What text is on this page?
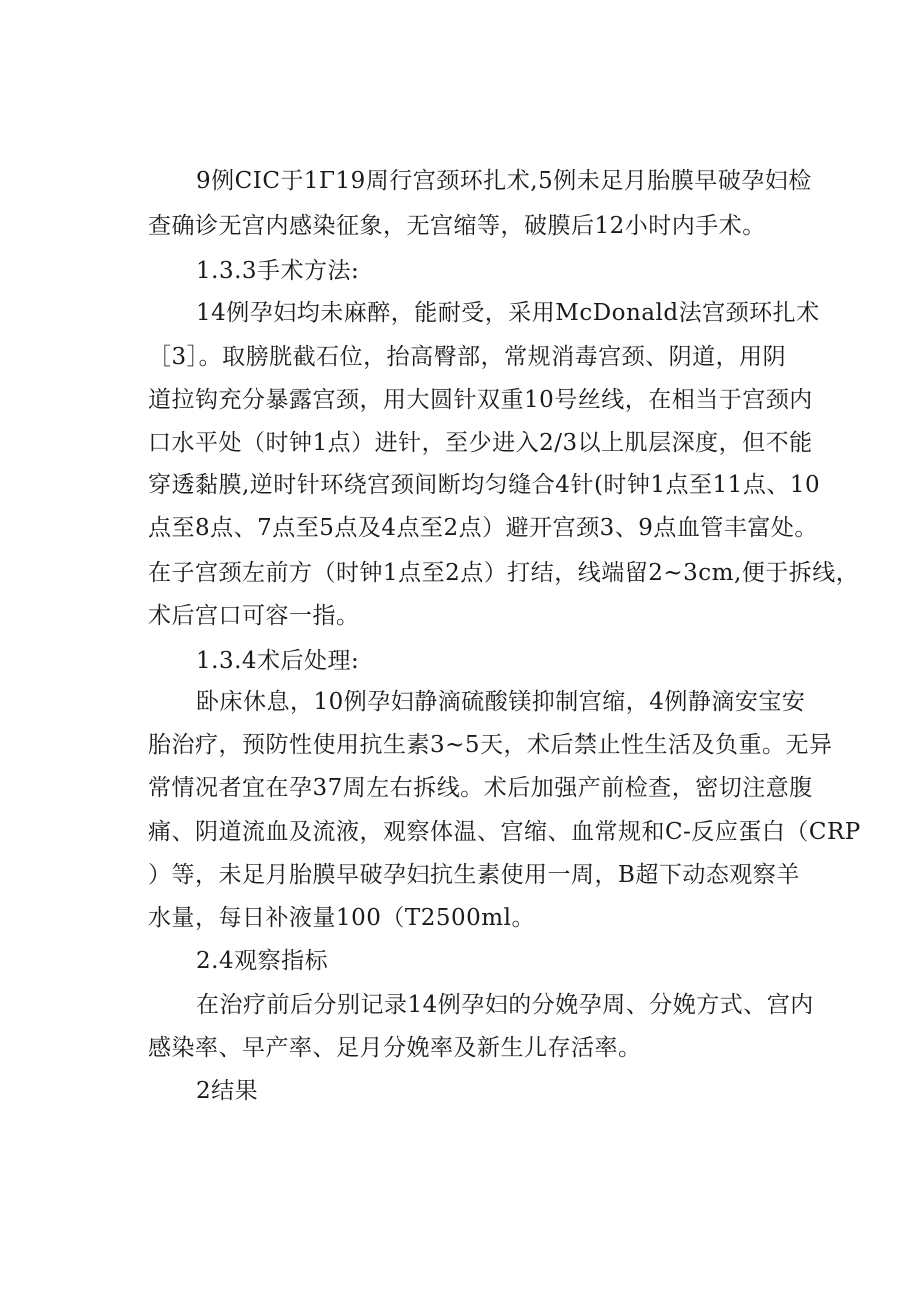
9例CIC于1Γ19周行宫颈环扎术,5例未足月胎膜早破孕妇检
查确诊无宫内感染征象，无宫缩等，破膜后12小时内手术。
1.3.3手术方法:
14例孕妇均未麻醉，能耐受，采用McDonald法宫颈环扎术
［3］。取膀胱截石位，抬高臀部，常规消毒宫颈、阴道，用阴
道拉钩充分暴露宫颈，用大圆针双重10号丝线，在相当于宫颈内
口水平处（时钟1点）进针，至少进入2/3以上肌层深度，但不能
穿透黏膜,逆时针环绕宫颈间断均匀缝合4针(时钟1点至11点、10
点至8点、7点至5点及4点至2点）避开宫颈3、9点血管丰富处。
在子宫颈左前方（时钟1点至2点）打结，线端留2~3cm,便于拆线，
术后宫口可容一指。
1.3.4术后处理:
卧床休息，10例孕妇静滴硫酸镁抑制宫缩，4例静滴安宝安
胎治疗，预防性使用抗生素3~5天，术后禁止性生活及负重。无异
常情况者宜在孕37周左右拆线。术后加强产前检查，密切注意腹
痛、阴道流血及流液，观察体温、宫缩、血常规和C-反应蛋白（CRP
）等，未足月胎膜早破孕妇抗生素使用一周，B超下动态观察羊
水量，每日补液量100（T2500ml。
2.4观察指标
在治疗前后分别记录14例孕妇的分娩孕周、分娩方式、宫内
感染率、早产率、足月分娩率及新生儿存活率。
2结果
